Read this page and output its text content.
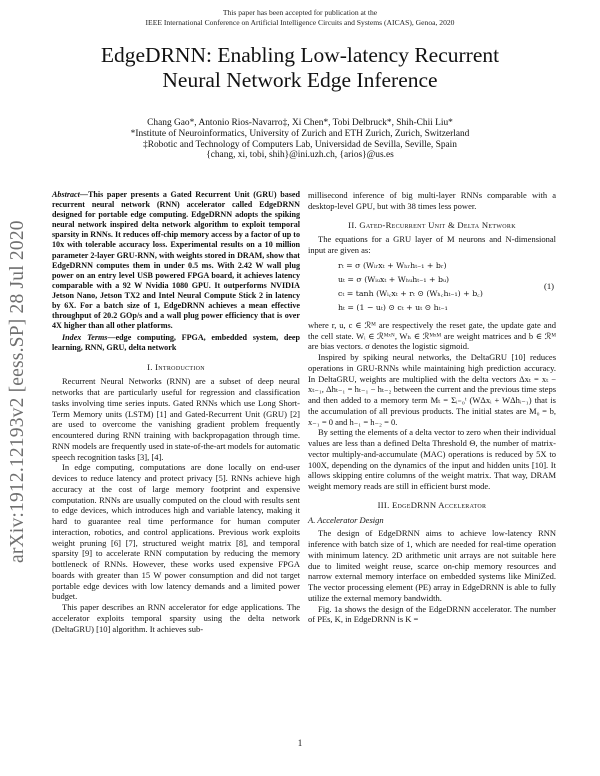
This paper has been accepted for publication at the
IEEE International Conference on Artificial Intelligence Circuits and Systems (AICAS), Genoa, 2020
arXiv:1912.12193v2 [eess.SP] 28 Jul 2020
EdgeDRNN: Enabling Low-latency Recurrent
Neural Network Edge Inference
Chang Gao*, Antonio Rios-Navarro‡, Xi Chen*, Tobi Delbruck*, Shih-Chii Liu*
*Institute of Neuroinformatics, University of Zurich and ETH Zurich, Zurich, Switzerland
‡Robotic and Technology of Computers Lab, Universidad de Sevilla, Seville, Spain
{chang, xi, tobi, shih}@ini.uzh.ch, {arios}@us.es

Abstract—This paper presents a Gated Recurrent Unit (GRU) based recurrent neural network (RNN) accelerator called EdgeDRNN designed for portable edge computing. EdgeDRNN adopts the spiking neural network inspired delta network algorithm to exploit temporal sparsity in RNNs. It reduces off-chip memory access by a factor of up to 10x with tolerable accuracy loss. Experimental results on a 10 million parameter 2-layer GRU-RNN, with weights stored in DRAM, show that EdgeDRNN computes them in under 0.5 ms. With 2.42 W wall plug power on an entry level USB powered FPGA board, it achieves latency comparable with a 92 W Nvidia 1080 GPU. It outperforms NVIDIA Jetson Nano, Jetson TX2 and Intel Neural Compute Stick 2 in latency by 6X. For a batch size of 1, EdgeDRNN achieves a mean effective throughput of 20.2 GOp/s and a wall plug power efficiency that is over 4X higher than all other platforms.

Index Terms—edge computing, FPGA, embedded system, deep learning, RNN, GRU, delta network

I. Introduction

Recurrent Neural Networks (RNN) are a subset of deep neural networks that are particularly useful for regression and classification tasks involving time series inputs. Gated RNNs which use Long Short-Term Memory units (LSTM) [1] and Gated-Recurrent Unit (GRU) [2] are used to overcome the vanishing gradient problem frequently encountered during RNN training with backpropagation through time. RNN models are frequently used in state-of-the-art models for automatic speech recognition tasks [3], [4].

In edge computing, computations are done locally on end-user devices to reduce latency and protect privacy [5]. RNNs achieve high accuracy at the cost of large memory footprint and expensive computation. RNNs are usually computed on the cloud with results sent to edge devices, which introduces high and variable latency, making it hard to guarantee real time performance for human computer interaction, robotics, and control applications. Previous work exploits weight pruning [6] [7], structured weight matrix [8], and temporal sparsity [9] to accelerate RNN computation by reducing the memory bottleneck of RNNs. However, these works used expensive FPGA boards with greater than 15 W power consumption and did not target portable edge devices with low latency demands and a limited power budget.

This paper describes an RNN accelerator for edge applications. The accelerator exploits temporal sparsity using the delta network (DeltaGRU) [10] algorithm. It achieves sub-

millisecond inference of big multi-layer RNNs comparable with a desktop-level GPU, but with 38 times less power.

II. Gated-Recurrent Unit & Delta Network

The equations for a GRU layer of M neurons and N-dimensional input are given as:

rₜ = σ (Wᵢᵣxₜ + Wₕᵣhₜ₋₁ + bᵣ)
uₜ = σ (Wᵢᵤxₜ + Wₕᵤhₜ₋₁ + bᵤ)
cₜ = tanh (Wᵢ꜀xₜ + rₜ ⊙ (Wₕ꜀hₜ₋₁) + b꜀)
hₜ = (1 − uₜ) ⊙ cₜ + uₜ ⊙ hₜ₋₁
(1)

where r, u, c ∈ ℛᴹ are respectively the reset gate, the update gate and the cell state. Wᵢ ∈ ℛᴹˣᴺ, Wₕ ∈ ℛᴹˣᴹ are weight matrices and b ∈ ℛᴹ are bias vectors. σ denotes the logistic sigmoid.

Inspired by spiking neural networks, the DeltaGRU [10] reduces operations in GRU-RNNs while maintaining high prediction accuracy. In DeltaGRU, weights are multiplied with the delta vectors Δxₜ = xₜ − xₜ₋₁, Δhₜ₋₁ = hₜ₋₁ − hₜ₋₂ between the current and the previous time steps and then added to a memory term Mₜ = Σᵢ₌₀ᵗ (WΔxᵢ + WΔhᵢ₋₁) that is the accumulation of all previous products. The initial states are M₀ = b, x₋₁ = 0 and h₋₁ = h₋₂ = 0.

By setting the elements of a delta vector to zero when their individual values are less than a defined Delta Threshold Θ, the number of matrix-vector multiply-and-accumulate (MAC) operations is reduced by 5X to 100X, depending on the dynamics of the input and hidden units [10]. It allows skipping entire columns of the weight matrix. That way, DRAM weight memory reads are still in efficient burst mode.

III. EdgeDRNN Accelerator

A. Accelerator Design

The design of EdgeDRNN aims to achieve low-latency RNN inference with batch size of 1, which are needed for real-time operation with minimum latency. 2D arithmetic unit arrays are not suitable here due to limited weight reuse, scarce on-chip memory resources and narrow external memory interface on embedded systems like MiniZed. The vector processing element (PE) array in EdgeDRNN is able to fully utilize the external memory bandwidth.

Fig. 1a shows the design of the EdgeDRNN accelerator. The number of PEs, K, in EdgeDRNN is K =

1
